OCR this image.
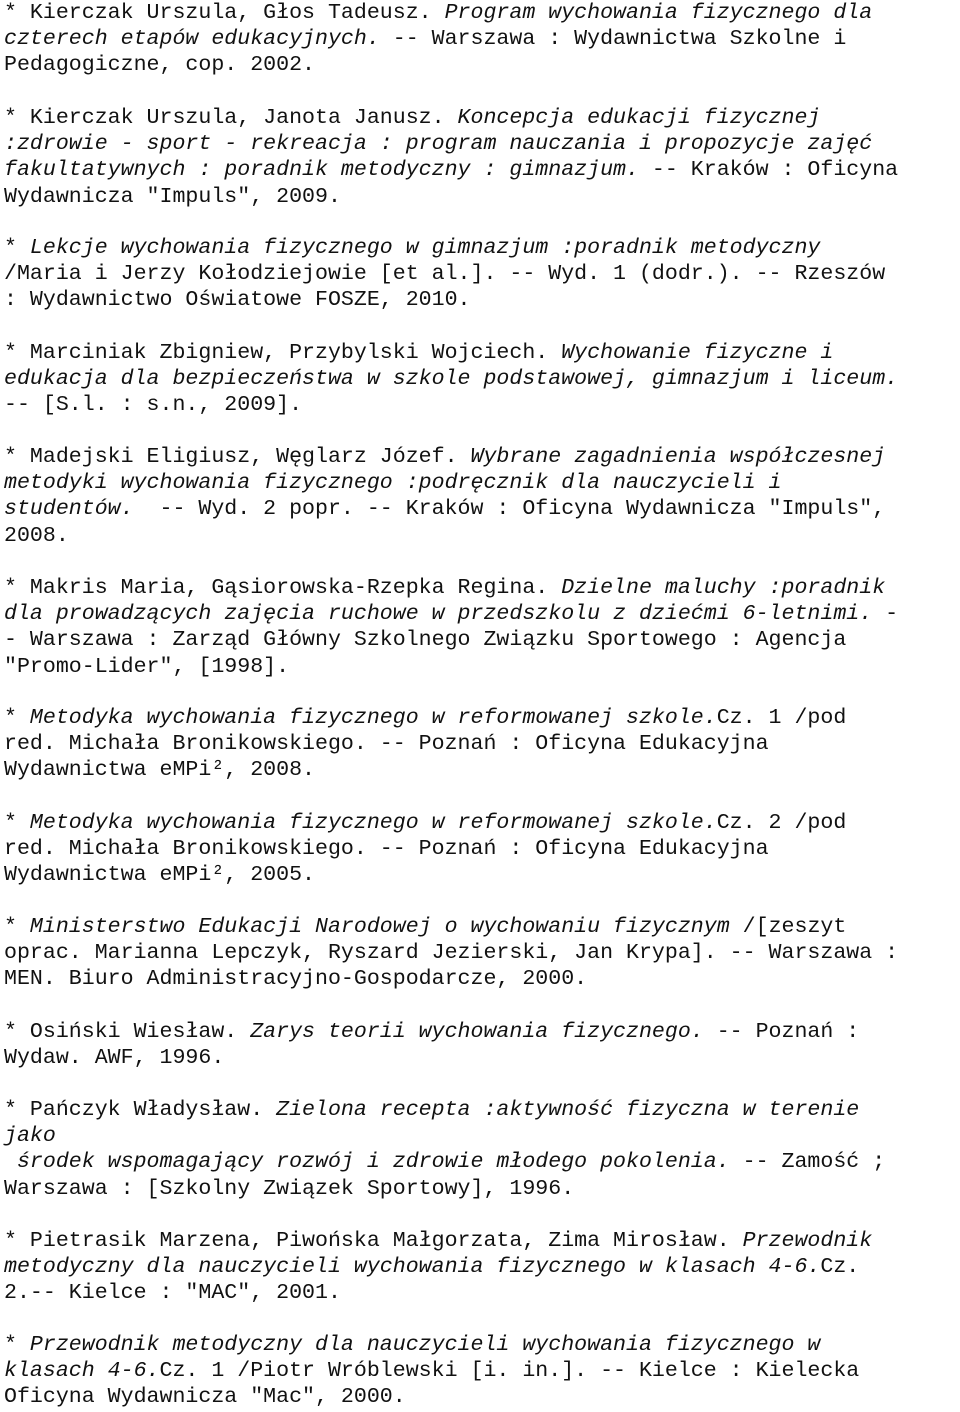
* Kierczak Urszula, Głos Tadeusz. Program wychowania fizycznego dla
czterech etapów edukacyjnych. -- Warszawa : Wydawnictwa Szkolne i
Pedagogiczne, cop. 2002.
* Kierczak Urszula, Janota Janusz. Koncepcja edukacji fizycznej
:zdrowie - sport - rekreacja : program nauczania i propozycje zajęć
fakultatywnych : poradnik metodyczny : gimnazjum. -- Kraków : Oficyna
Wydawnicza "Impuls", 2009.
* Lekcje wychowania fizycznego w gimnazjum :poradnik metodyczny
/Maria i Jerzy Kołodziejowie [et al.]. -- Wyd. 1 (dodr.). -- Rzeszów
: Wydawnictwo Oświatowe FOSZE, 2010.
* Marciniak Zbigniew, Przybylski Wojciech. Wychowanie fizyczne i
edukacja dla bezpieczeństwa w szkole podstawowej, gimnazjum i liceum.
-- [S.l. : s.n., 2009].
* Madejski Eligiusz, Węglarz Józef. Wybrane zagadnienia współczesnej
metodyki wychowania fizycznego :podręcznik dla nauczycieli i
studentów.  -- Wyd. 2 popr. -- Kraków : Oficyna Wydawnicza "Impuls",
2008.
* Makris Maria, Gąsiorowska-Rzepka Regina. Dzielne maluchy :poradnik
dla prowadzących zajęcia ruchowe w przedszkolu z dziećmi 6-letnimi. -
- Warszawa : Zarząd Główny Szkolnego Związku Sportowego : Agencja
"Promo-Lider", [1998].
* Metodyka wychowania fizycznego w reformowanej szkole.Cz. 1 /pod
red. Michała Bronikowskiego. -- Poznań : Oficyna Edukacyjna
Wydawnictwa eMPi², 2008.
* Metodyka wychowania fizycznego w reformowanej szkole.Cz. 2 /pod
red. Michała Bronikowskiego. -- Poznań : Oficyna Edukacyjna
Wydawnictwa eMPi², 2005.
* Ministerstwo Edukacji Narodowej o wychowaniu fizycznym /[zeszyt
oprac. Marianna Lepczyk, Ryszard Jezierski, Jan Krypa]. -- Warszawa :
MEN. Biuro Administracyjno-Gospodarcze, 2000.
* Osiński Wiesław. Zarys teorii wychowania fizycznego. -- Poznań :
Wydaw. AWF, 1996.
* Pańczyk Władysław. Zielona recepta :aktywność fizyczna w terenie
jako
środek wspomagający rozwój i zdrowie młodego pokolenia. -- Zamość ;
Warszawa : [Szkolny Związek Sportowy], 1996.
* Pietrasik Marzena, Piwońska Małgorzata, Zima Mirosław. Przewodnik
metodyczny dla nauczycieli wychowania fizycznego w klasach 4-6.Cz.
2.-- Kielce : "MAC", 2001.
* Przewodnik metodyczny dla nauczycieli wychowania fizycznego w
klasach 4-6.Cz. 1 /Piotr Wróblewski [i. in.]. -- Kielce : Kielecka
Oficyna Wydawnicza "Mac", 2000.
